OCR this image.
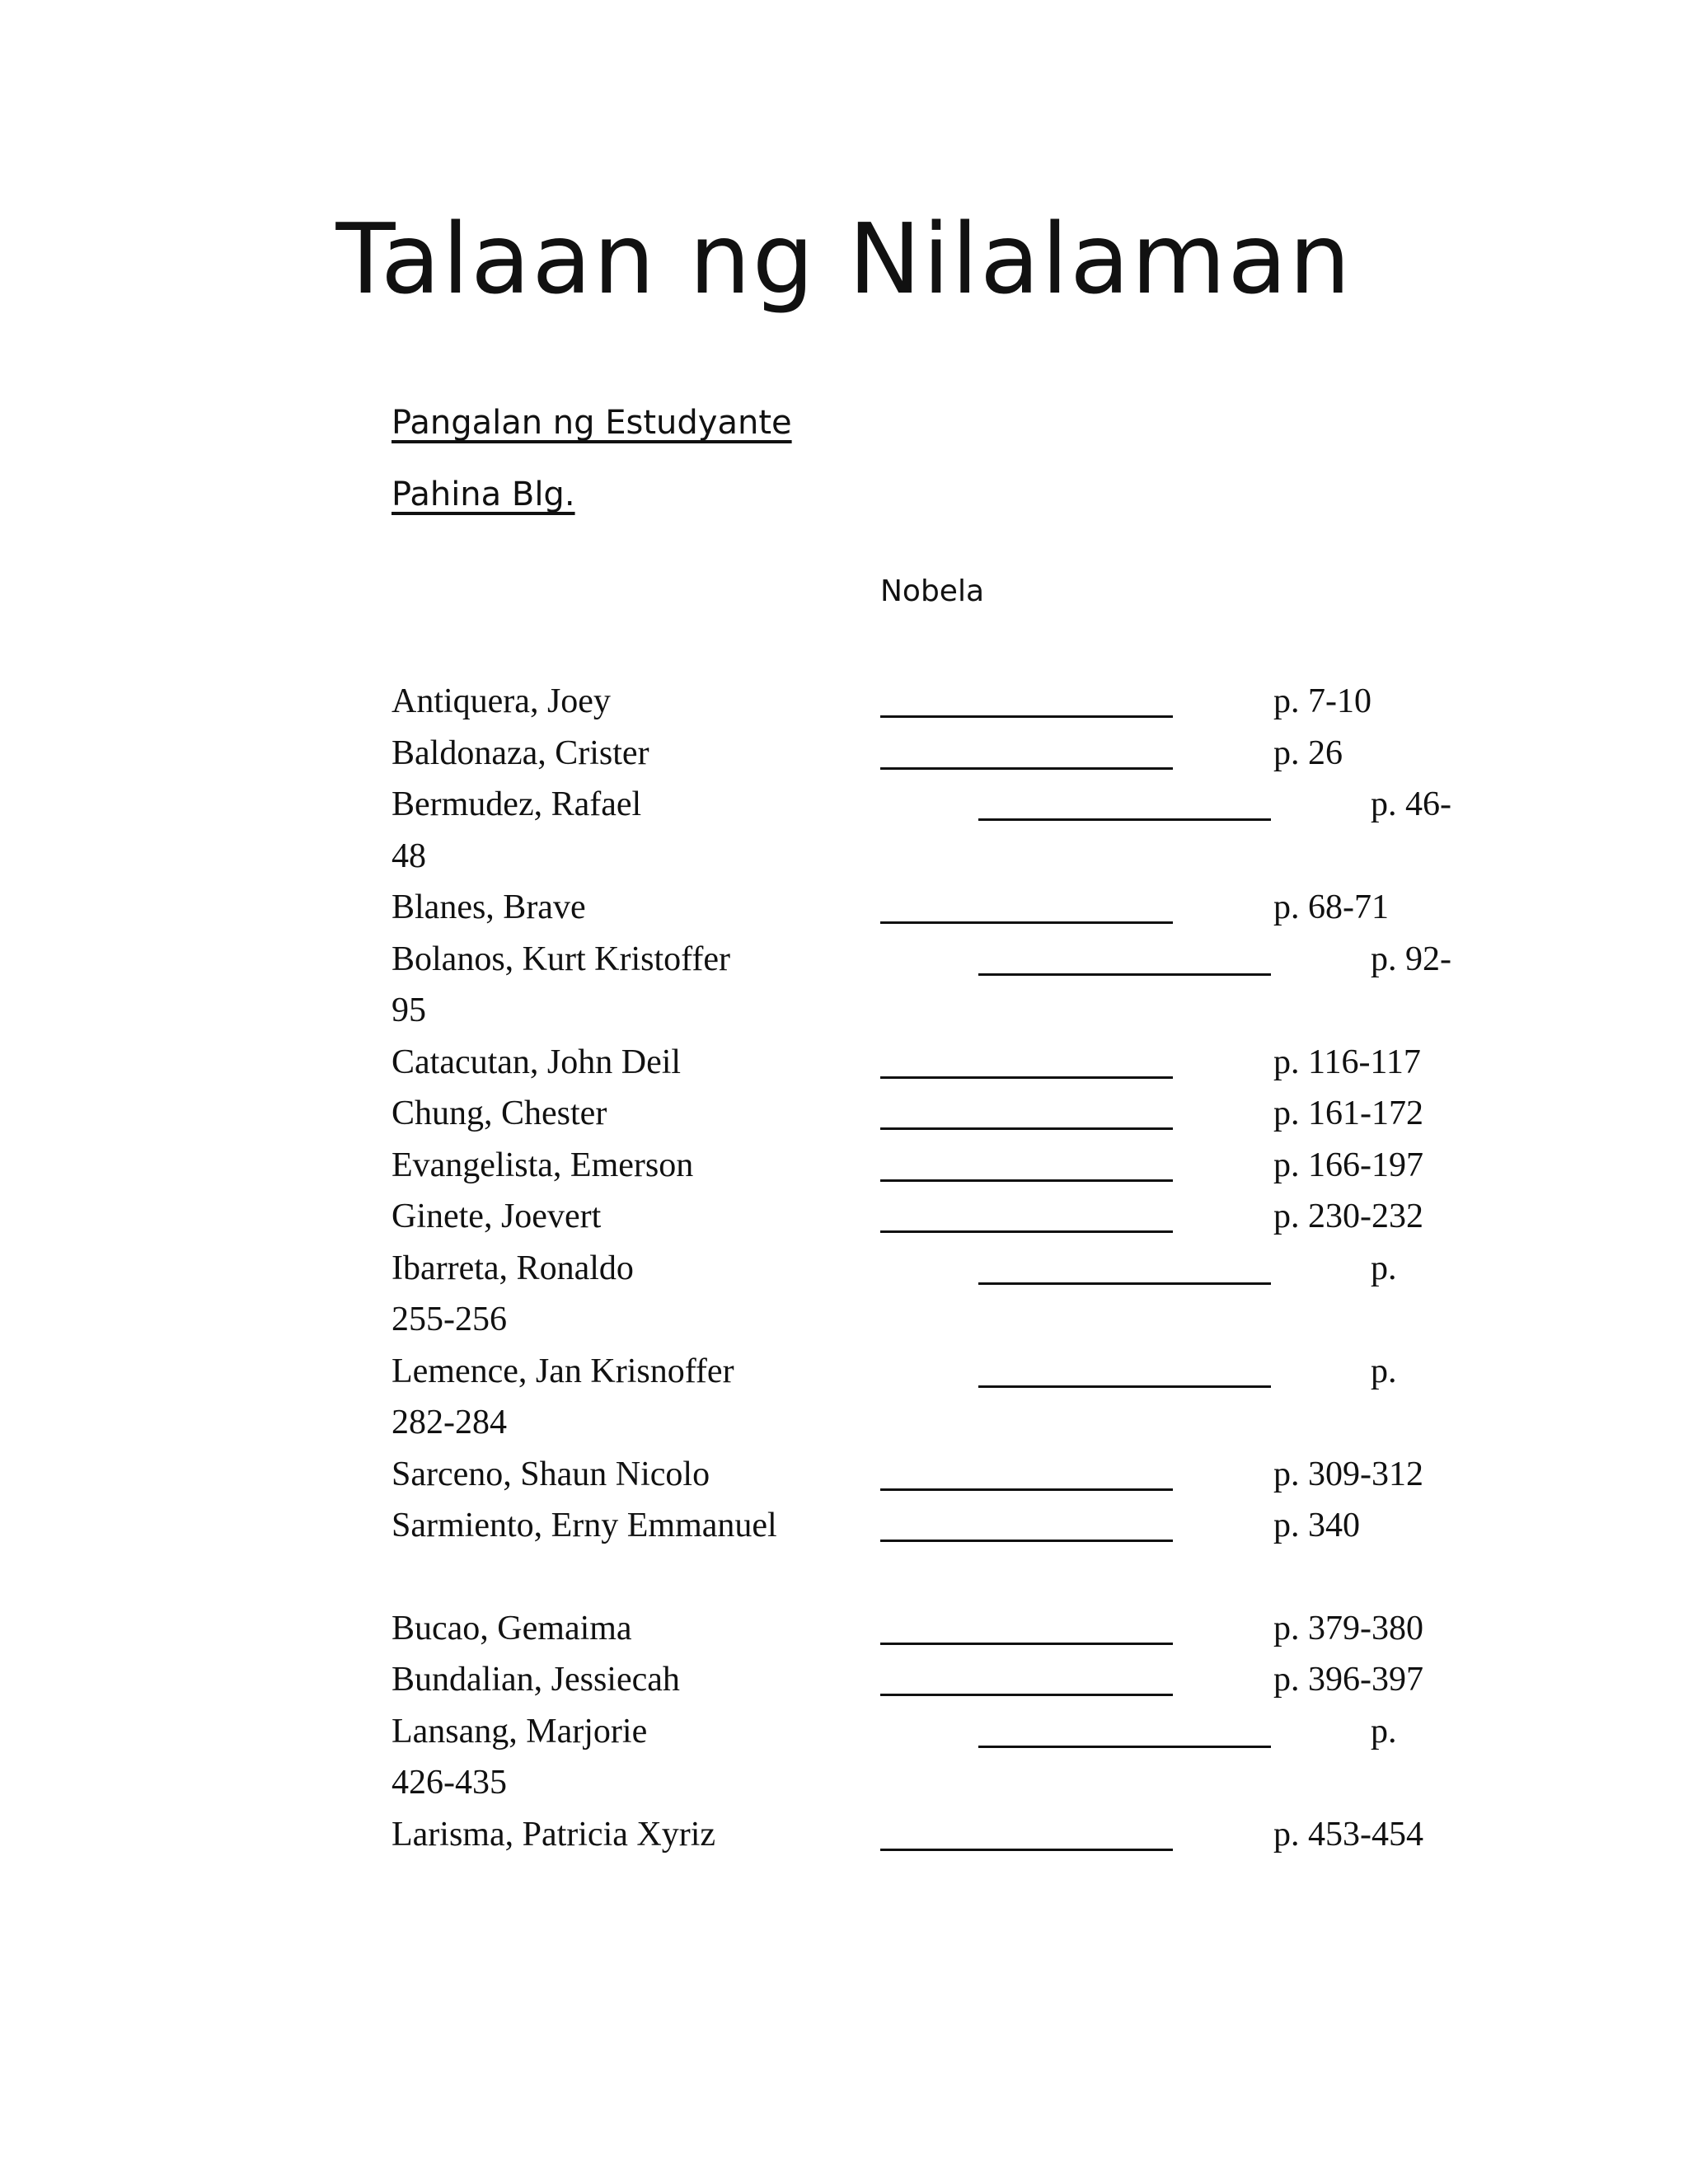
Talaan ng Nilalaman
Pangalan ng Estudyante
Pahina Blg.
Nobela
Antiquera, Joey	p. 7-10
Baldonaza, Crister	p. 26
Bermudez, Rafael	p. 46-
48
Blanes, Brave	p. 68-71
Bolanos, Kurt Kristoffer	p. 92-
95
Catacutan, John Deil	p. 116-117
Chung, Chester	p. 161-172
Evangelista, Emerson	p. 166-197
Ginete, Joevert	p. 230-232
Ibarreta, Ronaldo	p.
255-256
Lemence, Jan Krisnoffer	p.
282-284
Sarceno, Shaun Nicolo	p. 309-312
Sarmiento, Erny Emmanuel	p. 340
Bucao, Gemaima	p. 379-380
Bundalian, Jessiecah	p. 396-397
Lansang, Marjorie	p.
426-435
Larisma, Patricia Xyriz	p. 453-454
